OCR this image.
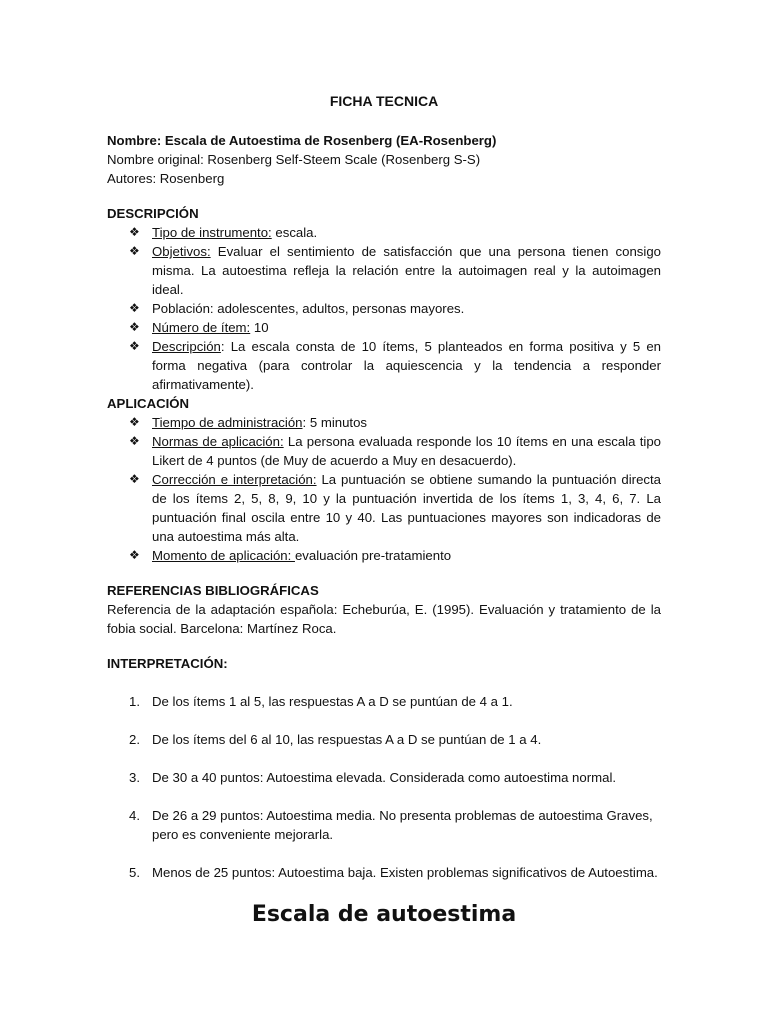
FICHA TECNICA

Nombre: Escala de Autoestima de Rosenberg (EA-Rosenberg)

Nombre original: Rosenberg Self-Steem Scale (Rosenberg S-S)

Autores: Rosenberg

DESCRIPCIÓN

❖ Tipo de instrumento: escala.
❖ Objetivos: Evaluar el sentimiento de satisfacción que una persona tienen consigo misma. La autoestima refleja la relación entre la autoimagen real y la autoimagen ideal.
❖ Población: adolescentes, adultos, personas mayores.
❖ Número de ítem: 10
❖ Descripción: La escala consta de 10 ítems, 5 planteados en forma positiva y 5 en forma negativa (para controlar la aquiescencia y la tendencia a responder afirmativamente).

APLICACIÓN

❖ Tiempo de administración: 5 minutos
❖ Normas de aplicación: La persona evaluada responde los 10 ítems en una escala tipo Likert de 4 puntos (de Muy de acuerdo a Muy en desacuerdo).
❖ Corrección e interpretación: La puntuación se obtiene sumando la puntuación directa de los ítems 2, 5, 8, 9, 10 y la puntuación invertida de los ítems 1, 3, 4, 6, 7. La puntuación final oscila entre 10 y 40. Las puntuaciones mayores son indicadoras de una autoestima más alta.
❖ Momento de aplicación: evaluación pre-tratamiento

REFERENCIAS BIBLIOGRÁFICAS

Referencia de la adaptación española: Echeburúa, E. (1995). Evaluación y tratamiento de la fobia social. Barcelona: Martínez Roca.

INTERPRETACIÓN:

1. De los ítems 1 al 5, las respuestas A a D se puntúan de 4 a 1.
2. De los ítems del 6 al 10, las respuestas A a D se puntúan de 1 a 4.
3. De 30 a 40 puntos: Autoestima elevada. Considerada como autoestima normal.
4. De 26 a 29 puntos: Autoestima media. No presenta problemas de autoestima Graves, pero es conveniente mejorarla.
5. Menos de 25 puntos: Autoestima baja. Existen problemas significativos de Autoestima.
Escala de autoestima
